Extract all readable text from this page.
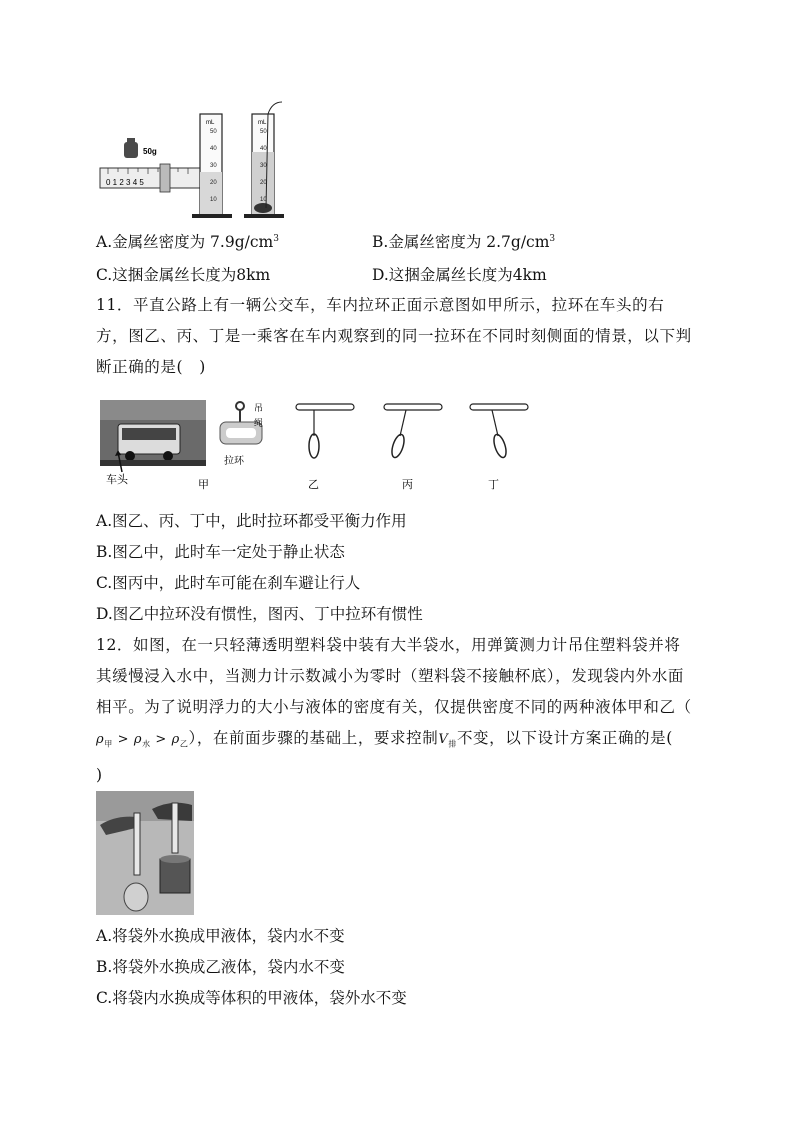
50g
0 1 2 3 4 5
mL
50
40
30
20
10
mL
50
40
30
20
10
A.金属丝密度为 $7.9g/cm^3$	B.金属丝密度为 $2.7g/cm^3$
C.这捆金属丝长度为8km	D.这捆金属丝长度为4km
11．平直公路上有一辆公交车，车内拉环正面示意图如甲所示，拉环在车头的右方，图乙、丙、丁是一乘客在车内观察到的同一拉环在不同时刻侧面的情景，以下判断正确的是(　)
车头
吊
绳
拉环
甲	乙	丙	丁
A.图乙、丙、丁中，此时拉环都受平衡力作用
B.图乙中，此时车一定处于静止状态
C.图丙中，此时车可能在刹车避让行人
D.图乙中拉环没有惯性，图丙、丁中拉环有惯性
12．如图，在一只轻薄透明塑料袋中装有大半袋水，用弹簧测力计吊住塑料袋并将其缓慢浸入水中，当测力计示数减小为零时（塑料袋不接触杯底），发现袋内外水面相平。为了说明浮力的大小与液体的密度有关，仅提供密度不同的两种液体甲和乙（
$\rho_甲 > \rho_水 > \rho_乙$），在前面步骤的基础上，要求控制$V_排$不变，以下设计方案正确的是(
)
A.将袋外水换成甲液体，袋内水不变
B.将袋外水换成乙液体，袋内水不变
C.将袋内水换成等体积的甲液体，袋外水不变
